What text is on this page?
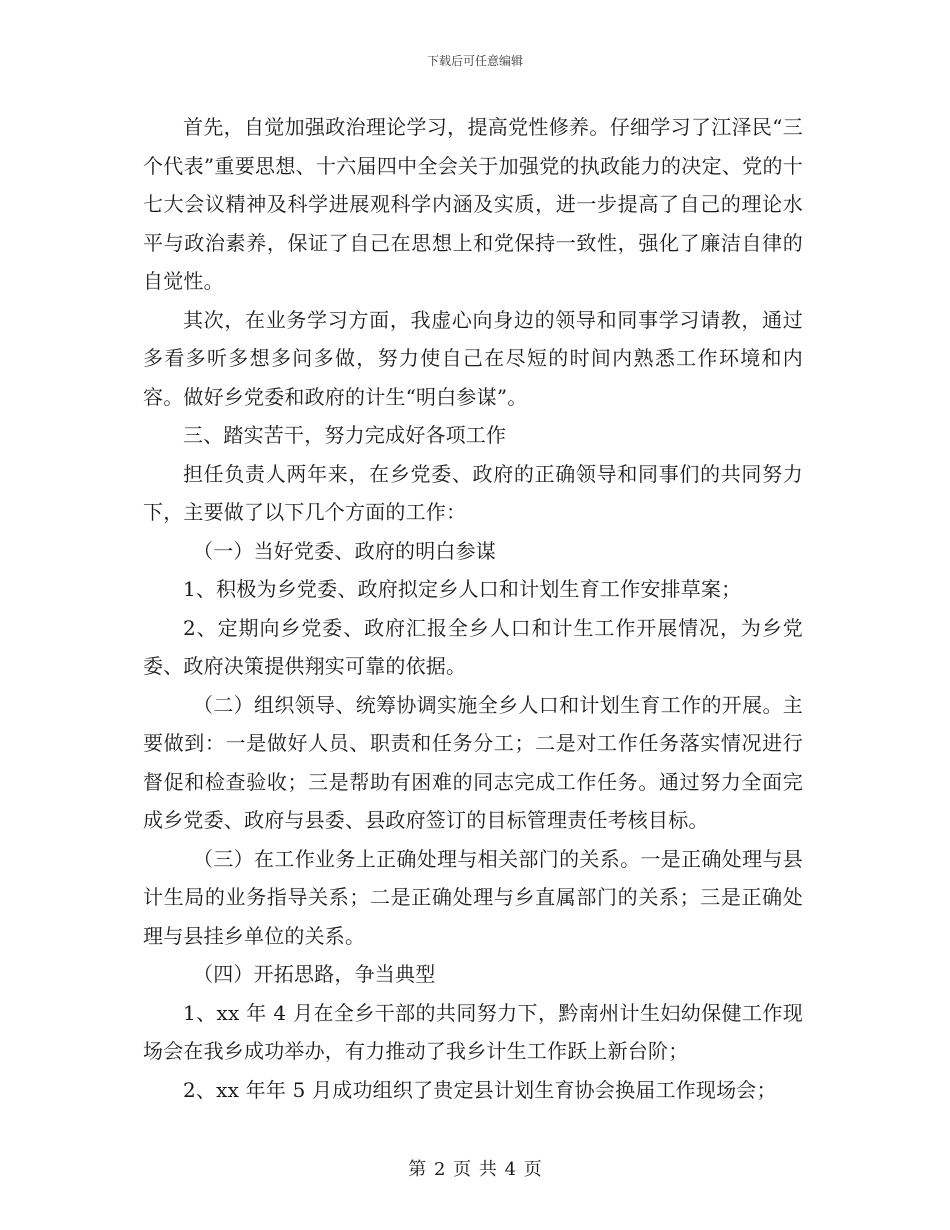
下载后可任意编辑

首先，自觉加强政治理论学习，提高党性修养。仔细学习了江泽民“三个代表”重要思想、十六届四中全会关于加强党的执政能力的决定、党的十七大会议精神及科学进展观科学内涵及实质，进一步提高了自己的理论水平与政治素养，保证了自己在思想上和党保持一致性，强化了廉洁自律的自觉性。

其次，在业务学习方面，我虚心向身边的领导和同事学习请教，通过多看多听多想多问多做，努力使自己在尽短的时间内熟悉工作环境和内容。做好乡党委和政府的计生“明白参谋”。

三、踏实苦干，努力完成好各项工作

担任负责人两年来，在乡党委、政府的正确领导和同事们的共同努力下，主要做了以下几个方面的工作：

（一）当好党委、政府的明白参谋

1、积极为乡党委、政府拟定乡人口和计划生育工作安排草案；

2、定期向乡党委、政府汇报全乡人口和计生工作开展情况，为乡党委、政府决策提供翔实可靠的依据。

（二）组织领导、统筹协调实施全乡人口和计划生育工作的开展。主要做到：一是做好人员、职责和任务分工；二是对工作任务落实情况进行督促和检查验收；三是帮助有困难的同志完成工作任务。通过努力全面完成乡党委、政府与县委、县政府签订的目标管理责任考核目标。

（三）在工作业务上正确处理与相关部门的关系。一是正确处理与县计生局的业务指导关系；二是正确处理与乡直属部门的关系；三是正确处理与县挂乡单位的关系。

（四）开拓思路，争当典型

1、xx 年 4 月在全乡干部的共同努力下，黔南州计生妇幼保健工作现场会在我乡成功举办，有力推动了我乡计生工作跃上新台阶；

2、xx 年年 5 月成功组织了贵定县计划生育协会换届工作现场会；

第 2 页 共 4 页
